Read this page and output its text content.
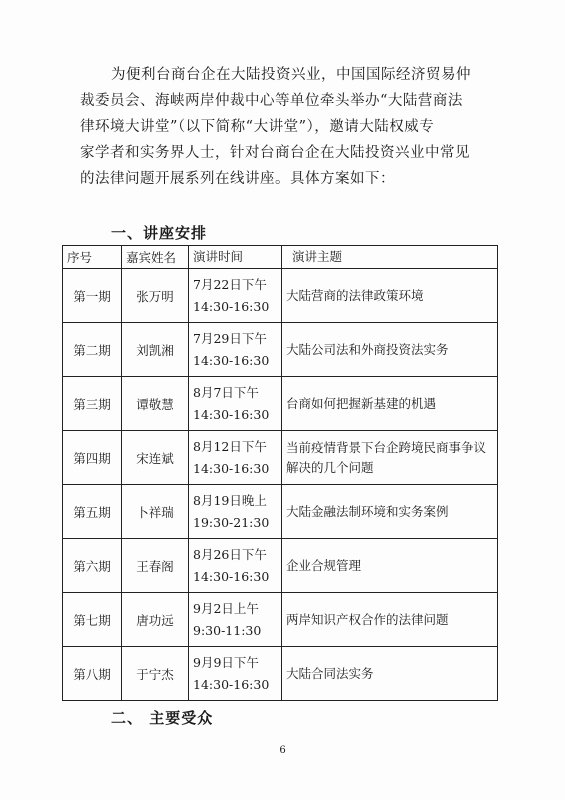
为便利台商台企在大陆投资兴业，中国国际经济贸易仲
裁委员会、海峡两岸仲裁中心等单位牵头举办“大陆营商法
律环境大讲堂”（以下简称“大讲堂”），邀请大陆权威专
家学者和实务界人士，针对台商台企在大陆投资兴业中常见
的法律问题开展系列在线讲座。具体方案如下：
一、讲座安排
序号	嘉宾姓名	演讲时间	演讲主题
第一期	张万明	7月22日下午
14:30-16:30	大陆营商的法律政策环境
第二期	刘凯湘	7月29日下午
14:30-16:30	大陆公司法和外商投资法实务
第三期	谭敬慧	8月7日下午
14:30-16:30	台商如何把握新基建的机遇
第四期	宋连斌	8月12日下午
14:30-16:30	当前疫情背景下台企跨境民商事争议解决的几个问题
第五期	卜祥瑞	8月19日晚上
19:30-21:30	大陆金融法制环境和实务案例
第六期	王春阁	8月26日下午
14:30-16:30	企业合规管理
第七期	唐功远	9月2日上午
9:30-11:30	两岸知识产权合作的法律问题
第八期	于宁杰	9月9日下午
14:30-16:30	大陆合同法实务
二、 主要受众
6
